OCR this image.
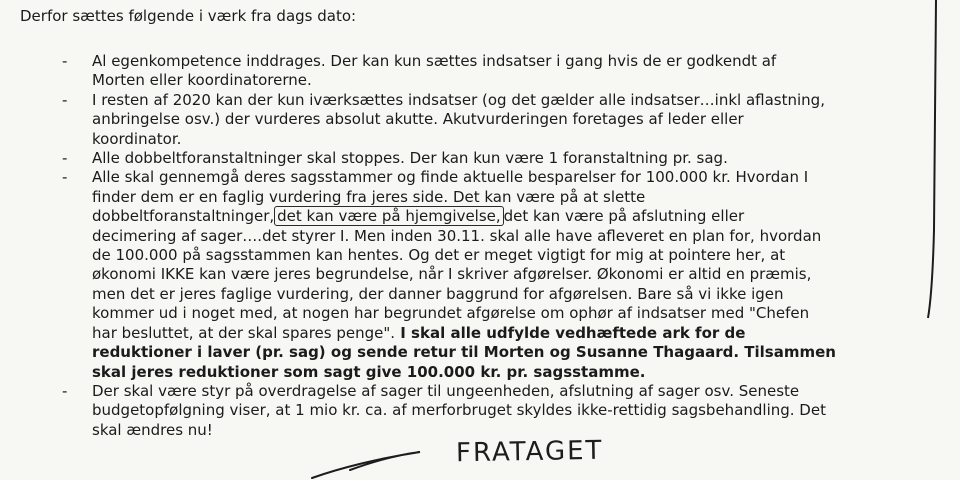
Derfor sættes følgende i værk fra dags dato:
- Al egenkompetence inddrages. Der kan kun sættes indsatser i gang hvis de er godkendt af
Morten eller koordinatorerne.
- I resten af 2020 kan der kun iværksættes indsatser (og det gælder alle indsatser…inkl aflastning,
anbringelse osv.) der vurderes absolut akutte. Akutvurderingen foretages af leder eller
koordinator.
- Alle dobbeltforanstaltninger skal stoppes. Der kan kun være 1 foranstaltning pr. sag.
- Alle skal gennemgå deres sagsstammer og finde aktuelle besparelser for 100.000 kr. Hvordan I
finder dem er en faglig vurdering fra jeres side. Det kan være på at slette
dobbeltforanstaltninger, det kan være på hjemgivelse, det kan være på afslutning eller
decimering af sager….det styrer I. Men inden 30.11. skal alle have afleveret en plan for, hvordan
de 100.000 på sagsstammen kan hentes. Og det er meget vigtigt for mig at pointere her, at
økonomi IKKE kan være jeres begrundelse, når I skriver afgørelser. Økonomi er altid en præmis,
men det er jeres faglige vurdering, der danner baggrund for afgørelsen. Bare så vi ikke igen
kommer ud i noget med, at nogen har begrundet afgørelse om ophør af indsatser med "Chefen
har besluttet, at der skal spares penge". I skal alle udfylde vedhæftede ark for de
reduktioner i laver (pr. sag) og sende retur til Morten og Susanne Thagaard. Tilsammen
skal jeres reduktioner som sagt give 100.000 kr. pr. sagsstamme.
- Der skal være styr på overdragelse af sager til ungeenheden, afslutning af sager osv. Seneste
budgetopfølgning viser, at 1 mio kr. ca. af merforbruget skyldes ikke-rettidig sagsbehandling. Det
skal ændres nu!
FRATAGET
